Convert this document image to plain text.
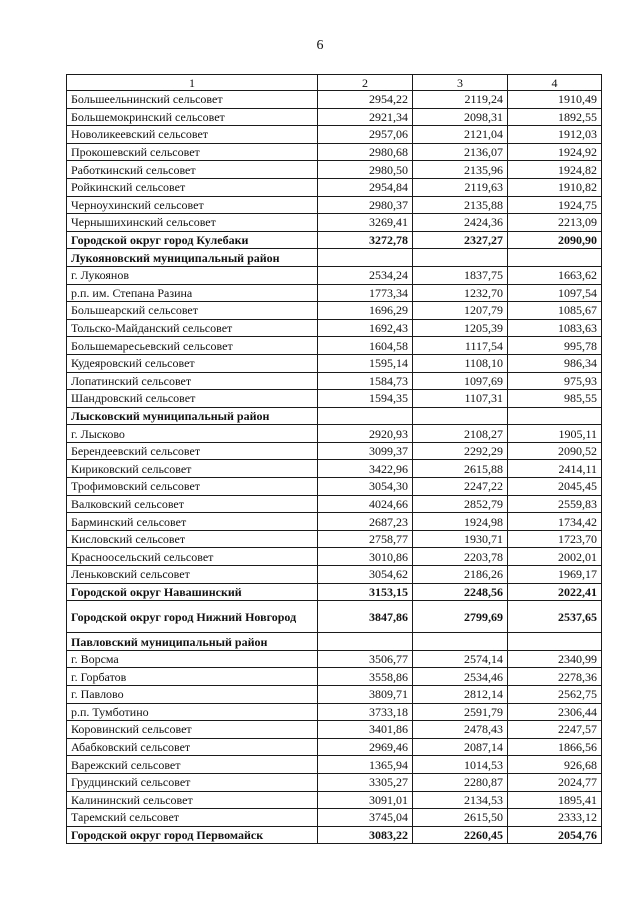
6
1	2	3	4
Большеельнинский сельсовет	2954,22	2119,24	1910,49
Большемокринский сельсовет	2921,34	2098,31	1892,55
Новоликеевский сельсовет	2957,06	2121,04	1912,03
Прокошевский сельсовет	2980,68	2136,07	1924,92
Работкинский сельсовет	2980,50	2135,96	1924,82
Ройкинский сельсовет	2954,84	2119,63	1910,82
Черноухинский сельсовет	2980,37	2135,88	1924,75
Чернышихинский сельсовет	3269,41	2424,36	2213,09
Городской округ город Кулебаки	3272,78	2327,27	2090,90
Лукояновский муниципальный район			
г. Лукоянов	2534,24	1837,75	1663,62
р.п. им. Степана Разина	1773,34	1232,70	1097,54
Большеарский сельсовет	1696,29	1207,79	1085,67
Тольско-Майданский сельсовет	1692,43	1205,39	1083,63
Большемаресьевский сельсовет	1604,58	1117,54	995,78
Кудеяровский сельсовет	1595,14	1108,10	986,34
Лопатинский сельсовет	1584,73	1097,69	975,93
Шандровский сельсовет	1594,35	1107,31	985,55
Лысковский муниципальный район			
г. Лысково	2920,93	2108,27	1905,11
Берендеевский сельсовет	3099,37	2292,29	2090,52
Кириковский сельсовет	3422,96	2615,88	2414,11
Трофимовский сельсовет	3054,30	2247,22	2045,45
Валковский сельсовет	4024,66	2852,79	2559,83
Барминский сельсовет	2687,23	1924,98	1734,42
Кисловский сельсовет	2758,77	1930,71	1723,70
Красноосельский сельсовет	3010,86	2203,78	2002,01
Леньковский сельсовет	3054,62	2186,26	1969,17
Городской округ Навашинский	3153,15	2248,56	2022,41
Городской округ город Нижний Новгород	3847,86	2799,69	2537,65
Павловский муниципальный район			
г. Ворсма	3506,77	2574,14	2340,99
г. Горбатов	3558,86	2534,46	2278,36
г. Павлово	3809,71	2812,14	2562,75
р.п. Тумботино	3733,18	2591,79	2306,44
Коровинский сельсовет	3401,86	2478,43	2247,57
Абабковский сельсовет	2969,46	2087,14	1866,56
Варежский сельсовет	1365,94	1014,53	926,68
Грудцинский сельсовет	3305,27	2280,87	2024,77
Калининский сельсовет	3091,01	2134,53	1895,41
Таремский сельсовет	3745,04	2615,50	2333,12
Городской округ город Первомайск	3083,22	2260,45	2054,76
